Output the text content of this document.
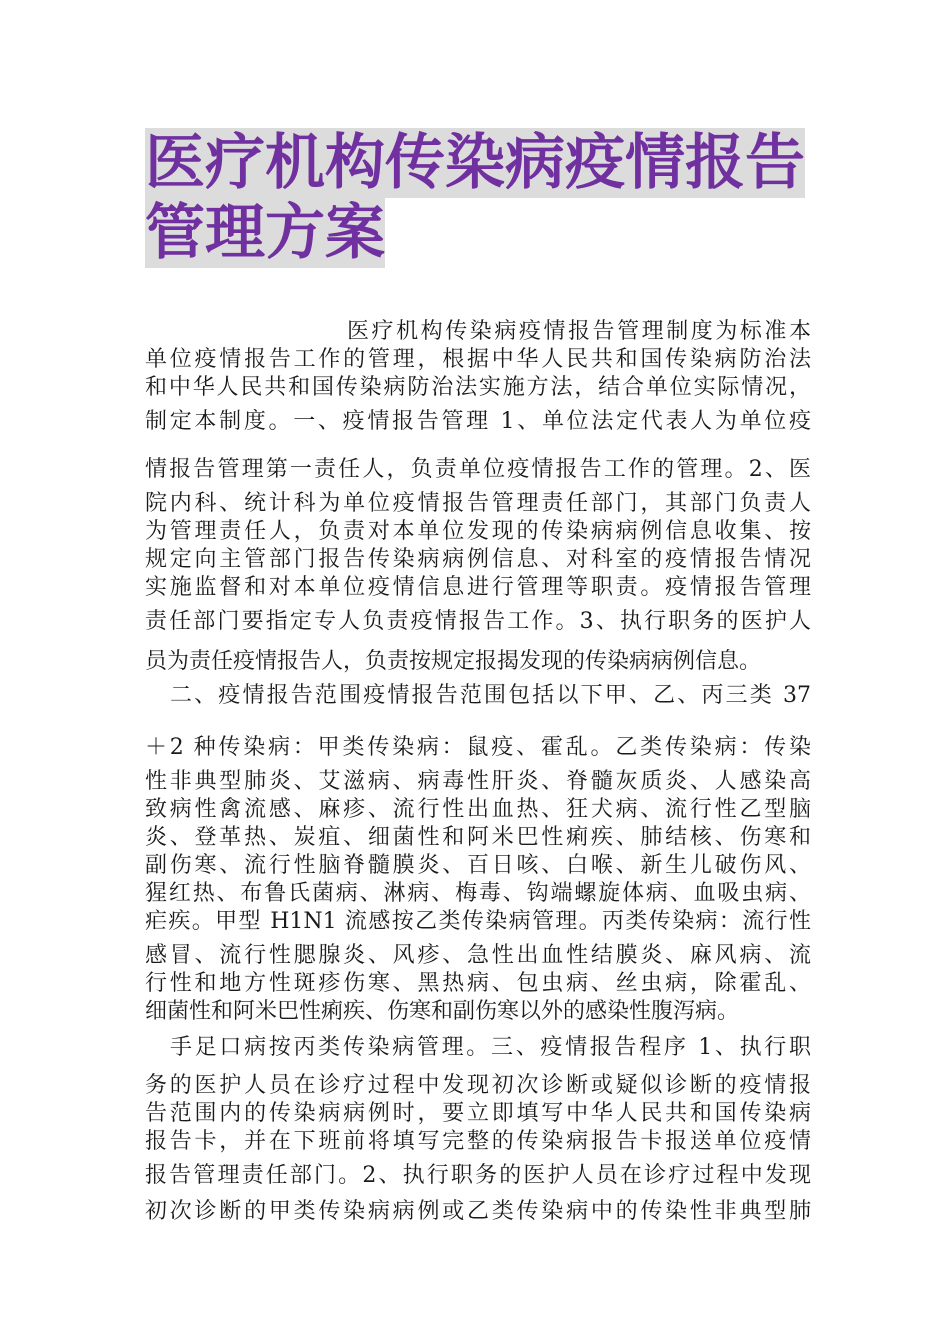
医疗机构传染病疫情报告
管理方案
医疗机构传染病疫情报告管理制度为标准本
单位疫情报告工作的管理，根据中华人民共和国传染病防治法
和中华人民共和国传染病防治法实施方法，结合单位实际情况，
制定本制度。一、疫情报告管理 1、单位法定代表人为单位疫
情报告管理第一责任人，负责单位疫情报告工作的管理。2、医
院内科、统计科为单位疫情报告管理责任部门，其部门负责人
为管理责任人，负责对本单位发现的传染病病例信息收集、按
规定向主管部门报告传染病病例信息、对科室的疫情报告情况
实施监督和对本单位疫情信息进行管理等职责。疫情报告管理
责任部门要指定专人负责疫情报告工作。3、执行职务的医护人
员为责任疫情报告人，负责按规定报揭发现的传染病病例信息。
二、疫情报告范围疫情报告范围包括以下甲、乙、丙三类 37
＋2 种传染病：甲类传染病：鼠疫、霍乱。乙类传染病：传染
性非典型肺炎、艾滋病、病毒性肝炎、脊髓灰质炎、人感染高
致病性禽流感、麻疹、流行性出血热、狂犬病、流行性乙型脑
炎、登革热、炭疽、细菌性和阿米巴性痢疾、肺结核、伤寒和
副伤寒、流行性脑脊髓膜炎、百日咳、白喉、新生儿破伤风、
猩红热、布鲁氏菌病、淋病、梅毒、钩端螺旋体病、血吸虫病、
疟疾。甲型 H1N1 流感按乙类传染病管理。丙类传染病：流行性
感冒、流行性腮腺炎、风疹、急性出血性结膜炎、麻风病、流
行性和地方性斑疹伤寒、黑热病、包虫病、丝虫病，除霍乱、
细菌性和阿米巴性痢疾、伤寒和副伤寒以外的感染性腹泻病。
手足口病按丙类传染病管理。三、疫情报告程序 1、执行职
务的医护人员在诊疗过程中发现初次诊断或疑似诊断的疫情报
告范围内的传染病病例时，要立即填写中华人民共和国传染病
报告卡，并在下班前将填写完整的传染病报告卡报送单位疫情
报告管理责任部门。2、执行职务的医护人员在诊疗过程中发现
初次诊断的甲类传染病病例或乙类传染病中的传染性非典型肺
